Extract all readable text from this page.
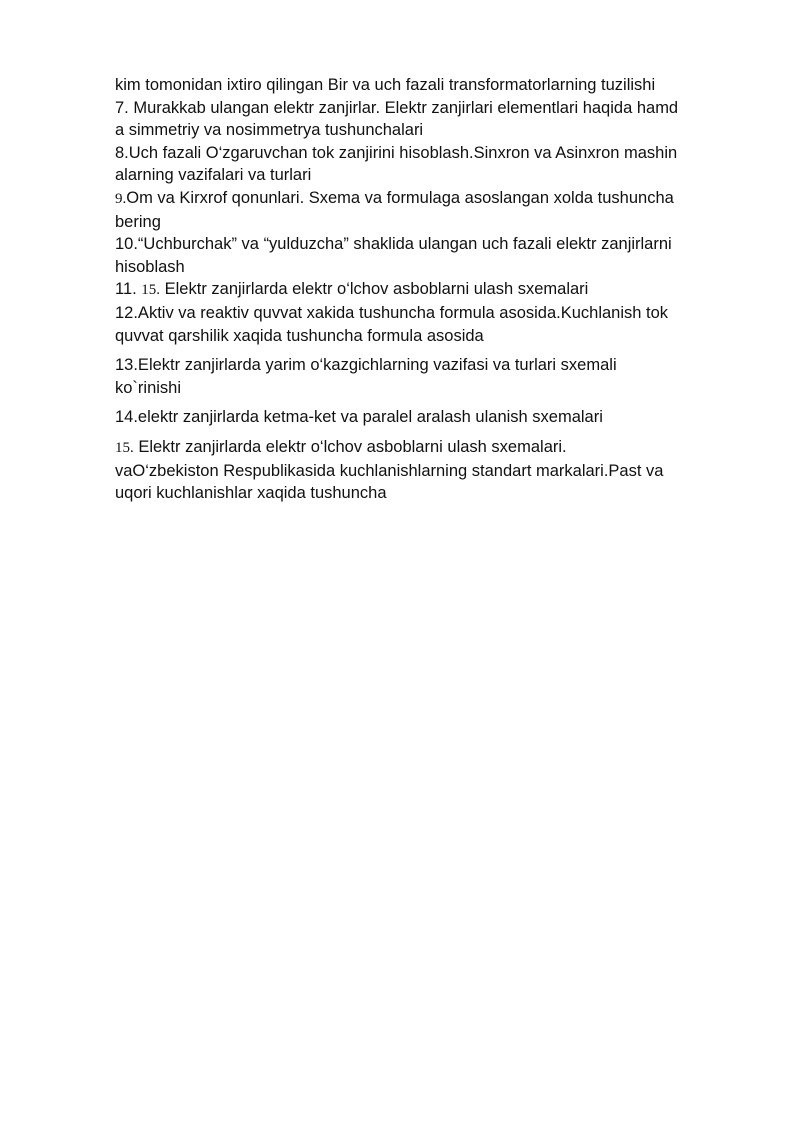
kim tomonidan ixtiro qilingan Bir va uch fazali transformatorlarning tuzilishi
7. Murakkab ulangan elektr zanjirlar. Elektr zanjirlari elementlari haqida hamd
a simmetriy va nosimmetrya tushunchalari
8.Uch fazali O‘zgaruvchan tok zanjirini hisoblash.Sinxron va Asinxron mashin
alarning vazifalari va turlari
9.Om va Kirxrof qonunlari. Sxema va formulaga asoslangan xolda tushuncha
bering
10.“Uchburchak” va “yulduzcha” shaklida ulangan uch fazali elektr zanjirlarni
hisoblash
11. 15. Elektr zanjirlarda elektr o‘lchov asboblarni ulash sxemalari
12.Aktiv va reaktiv quvvat xakida tushuncha formula asosida.Kuchlanish tok
quvvat qarshilik xaqida tushuncha formula asosida
13.Elektr zanjirlarda yarim o‘kazgichlarning vazifasi va turlari sxemali
ko`rinishi
14.elektr zanjirlarda ketma-ket va paralel aralash ulanish sxemalari
15. Elektr zanjirlarda elektr o‘lchov asboblarni ulash sxemalari.
vaO‘zbekiston Respublikasida kuchlanishlarning standart markalari.Past va
uqori kuchlanishlar xaqida tushuncha
